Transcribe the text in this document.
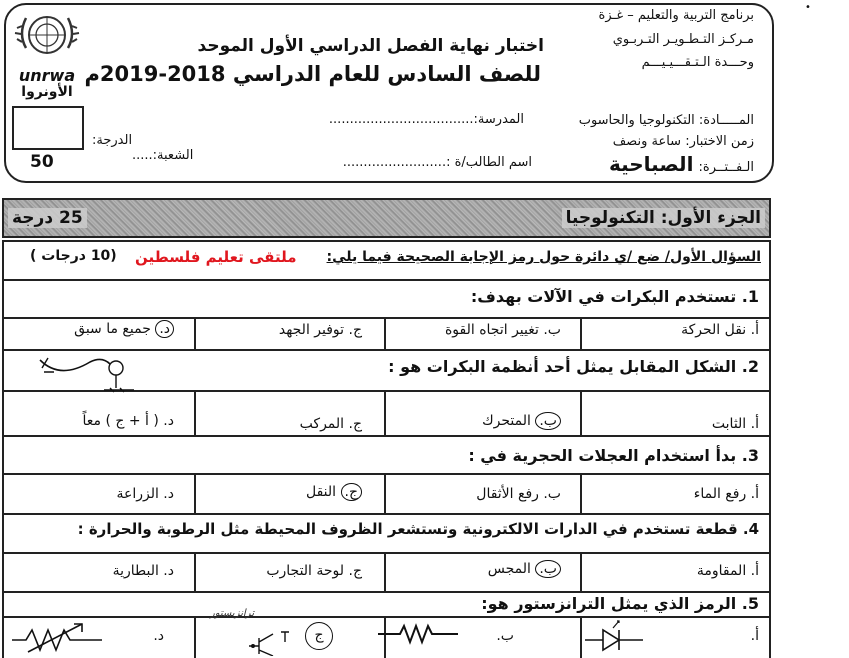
unrwa
الأونروا
برنامج التربية والتعليم – غـزة
مـركـز التـطـويـر التـربـوي
وحـــدة الـتـقـــيـيـــم
اختبار نهاية الفصل الدراسي الأول الموحد
للصف السادس للعام الدراسي 2018-2019م
المـــــادة: التكنولوجيا والحاسوب
المدرسة:...................................
زمن الاختبار: ساعة ونصف
الدرجة:
اسم الطالب/ة :.........................
الشعبة:.....
الـفــتــرة: الصباحية
50
الجزء الأول: التكنولوجيا
25 درجة
السؤال الأول/ ضع /ي دائرة حول رمز الإجابة الصحيحة فيما يلي:
ملتقى تعليم فلسطين
(10 درجات )
1. تستخدم البكرات في الآلات بهدف:
أ. نقل الحركة
ب. تغيير اتجاه القوة
ج. توفير الجهد
د. جميع ما سبق
2. الشكل المقابل يمثل أحد أنظمة البكرات هو :
أ. الثابت
ب. المتحرك
ج. المركب
د. ( أ + ج ) معاً
3. بدأ استخدام العجلات الحجرية في :
أ. رفع الماء
ب. رفع الأثقال
ج. النقل
د. الزراعة
4. قطعة تستخدم في الدارات الالكترونية وتستشعر الظروف المحيطة مثل الرطوبة والحرارة :
أ. المقاومة
ب. المجس
ج. لوحة التجارب
د. البطارية
5. الرمز الذي يمثل الترانزستور هو:
أ.
ب.
ج
ترانزيستور
د.
•
